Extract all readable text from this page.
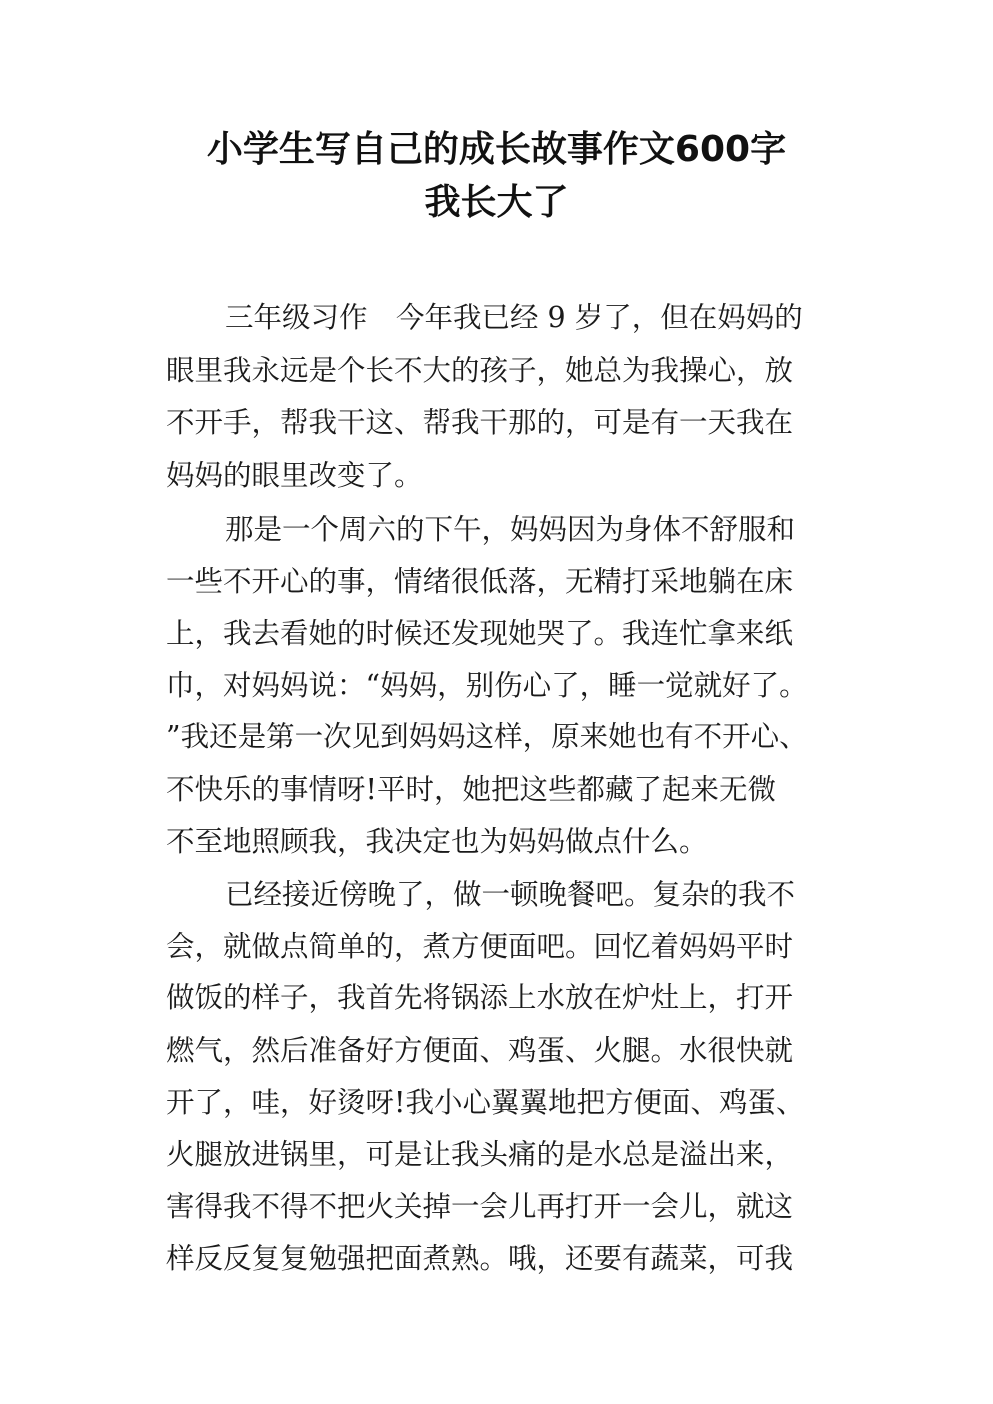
小学生写自己的成长故事作文600字
我长大了

三年级习作　今年我已经 9 岁了，但在妈妈的

眼里我永远是个长不大的孩子，她总为我操心，放

不开手，帮我干这、帮我干那的，可是有一天我在

妈妈的眼里改变了。

那是一个周六的下午，妈妈因为身体不舒服和

一些不开心的事，情绪很低落，无精打采地躺在床

上，我去看她的时候还发现她哭了。我连忙拿来纸

巾，对妈妈说：“妈妈，别伤心了，睡一觉就好了。

”我还是第一次见到妈妈这样，原来她也有不开心、

不快乐的事情呀!平时，她把这些都藏了起来无微

不至地照顾我，我决定也为妈妈做点什么。

已经接近傍晚了，做一顿晚餐吧。复杂的我不

会，就做点简单的，煮方便面吧。回忆着妈妈平时

做饭的样子，我首先将锅添上水放在炉灶上，打开

燃气，然后准备好方便面、鸡蛋、火腿。水很快就

开了，哇，好烫呀!我小心翼翼地把方便面、鸡蛋、

火腿放进锅里，可是让我头痛的是水总是溢出来，

害得我不得不把火关掉一会儿再打开一会儿，就这

样反反复复勉强把面煮熟。哦，还要有蔬菜，可我
